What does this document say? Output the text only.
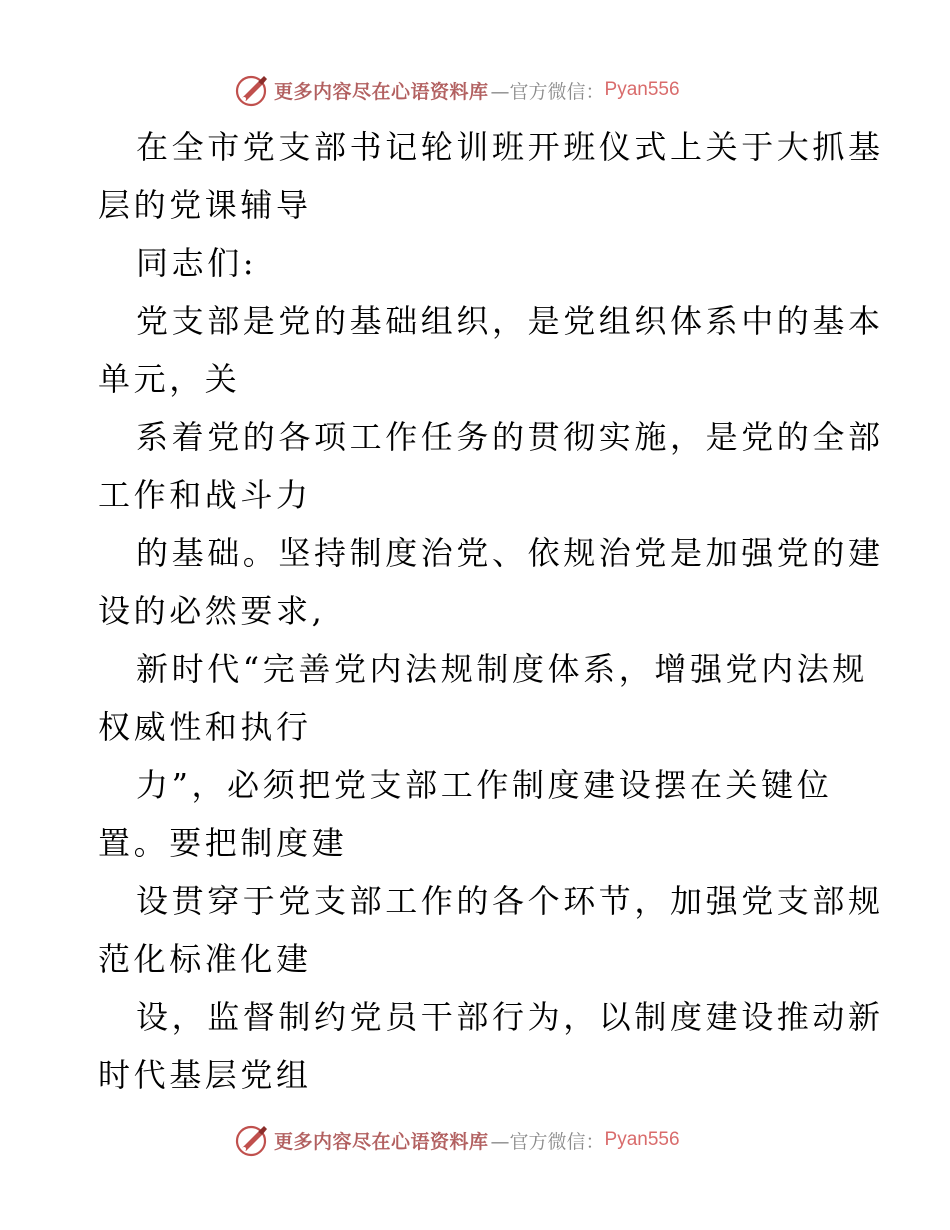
更多内容尽在心语资料库 —官方微信： Pyan556
在全市党支部书记轮训班开班仪式上关于大抓基
层的党课辅导
同志们:
党支部是党的基础组织，是党组织体系中的基本
单元，关
系着党的各项工作任务的贯彻实施，是党的全部
工作和战斗力
的基础。坚持制度治党、依规治党是加强党的建
设的必然要求,
新时代“完善党内法规制度体系，增强党内法规
权威性和执行
力”，必须把党支部工作制度建设摆在关键位
置。要把制度建
设贯穿于党支部工作的各个环节，加强党支部规
范化标准化建
设，监督制约党员干部行为，以制度建设推动新
时代基层党组
更多内容尽在心语资料库 —官方微信： Pyan556
